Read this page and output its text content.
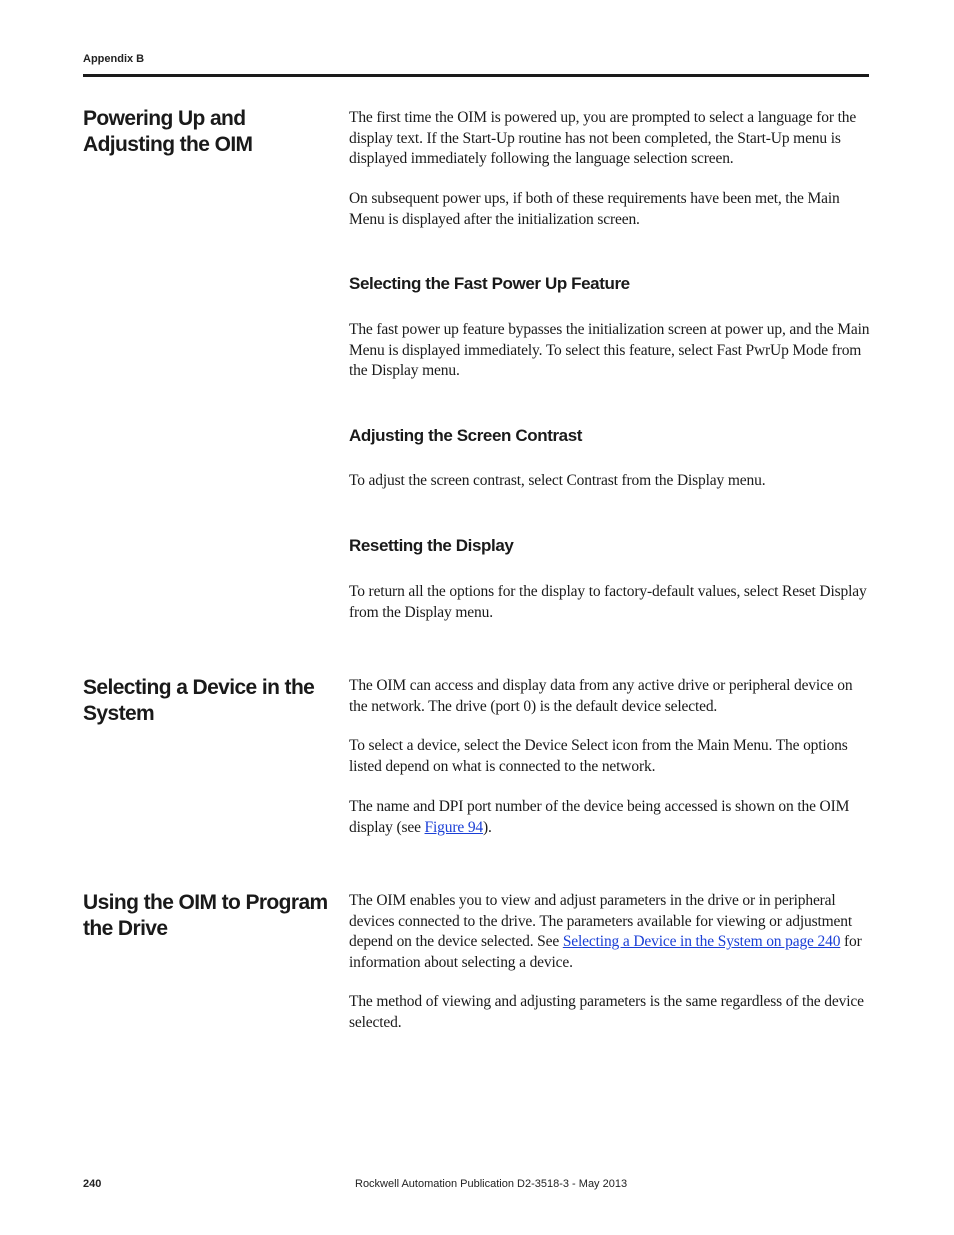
Appendix B
Powering Up and Adjusting the OIM

The first time the OIM is powered up, you are prompted to select a language for the display text. If the Start-Up routine has not been completed, the Start-Up menu is displayed immediately following the language selection screen.

On subsequent power ups, if both of these requirements have been met, the Main Menu is displayed after the initialization screen.

Selecting the Fast Power Up Feature

The fast power up feature bypasses the initialization screen at power up, and the Main Menu is displayed immediately. To select this feature, select Fast PwrUp Mode from the Display menu.

Adjusting the Screen Contrast

To adjust the screen contrast, select Contrast from the Display menu.

Resetting the Display

To return all the options for the display to factory-default values, select Reset Display from the Display menu.

Selecting a Device in the System

The OIM can access and display data from any active drive or peripheral device on the network. The drive (port 0) is the default device selected.

To select a device, select the Device Select icon from the Main Menu. The options listed depend on what is connected to the network.

The name and DPI port number of the device being accessed is shown on the OIM display (see Figure 94).

Using the OIM to Program the Drive

The OIM enables you to view and adjust parameters in the drive or in peripheral devices connected to the drive. The parameters available for viewing or adjustment depend on the device selected. See Selecting a Device in the System on page 240 for information about selecting a device.

The method of viewing and adjusting parameters is the same regardless of the device selected.

240	Rockwell Automation Publication D2-3518-3 - May 2013
